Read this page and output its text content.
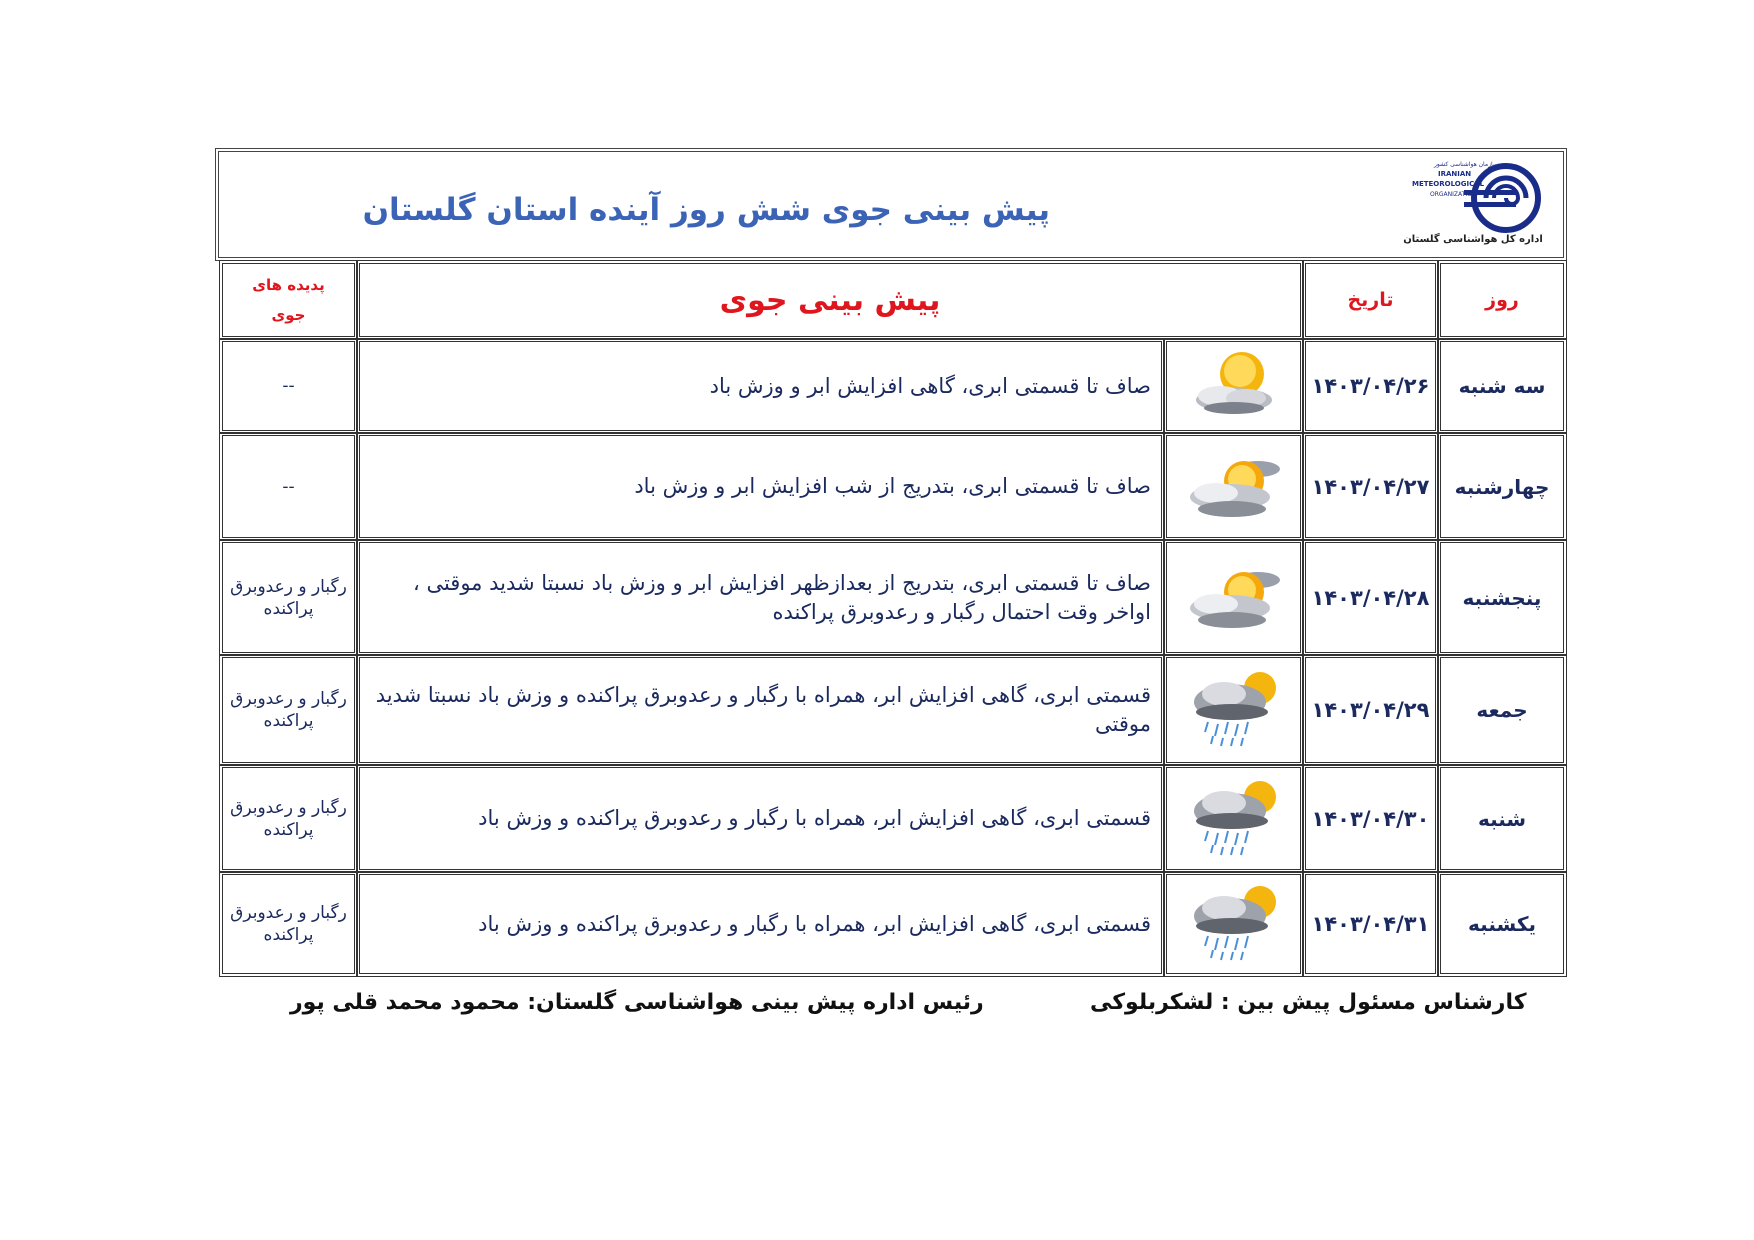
پیش بینی جوی شش روز آینده استان گلستان
سازمان هواشناسی کشور
IRANIAN
METEOROLOGICAL
ORGANIZATION
اداره کل هواشناسی گلستان
روز
تاریخ
پیش بینی جوی
پدیده های
جوی
سه شنبه
۱۴۰۳/۰۴/۲۶
صاف تا قسمتی ابری، گاهی افزایش ابر و وزش باد
--
چهارشنبه
۱۴۰۳/۰۴/۲۷
صاف تا قسمتی ابری، بتدریج از شب افزایش ابر و وزش باد
--
پنجشنبه
۱۴۰۳/۰۴/۲۸
صاف تا قسمتی ابری، بتدریج از بعدازظهر افزایش ابر و وزش باد نسبتا شدید موقتی ، اواخر وقت احتمال رگبار و رعدوبرق پراکنده
رگبار و رعدوبرق پراکنده
جمعه
۱۴۰۳/۰۴/۲۹
قسمتی ابری، گاهی افزایش ابر، همراه با رگبار و رعدوبرق پراکنده و وزش باد نسبتا شدید موقتی
رگبار و رعدوبرق پراکنده
شنبه
۱۴۰۳/۰۴/۳۰
قسمتی ابری، گاهی افزایش ابر، همراه با رگبار و رعدوبرق پراکنده و وزش باد
رگبار و رعدوبرق پراکنده
یکشنبه
۱۴۰۳/۰۴/۳۱
قسمتی ابری، گاهی افزایش ابر، همراه با رگبار و رعدوبرق پراکنده و وزش باد
رگبار و رعدوبرق پراکنده
کارشناس مسئول پیش بین : لشکربلوکی
رئیس اداره پیش بینی هواشناسی گلستان: محمود محمد قلی پور
